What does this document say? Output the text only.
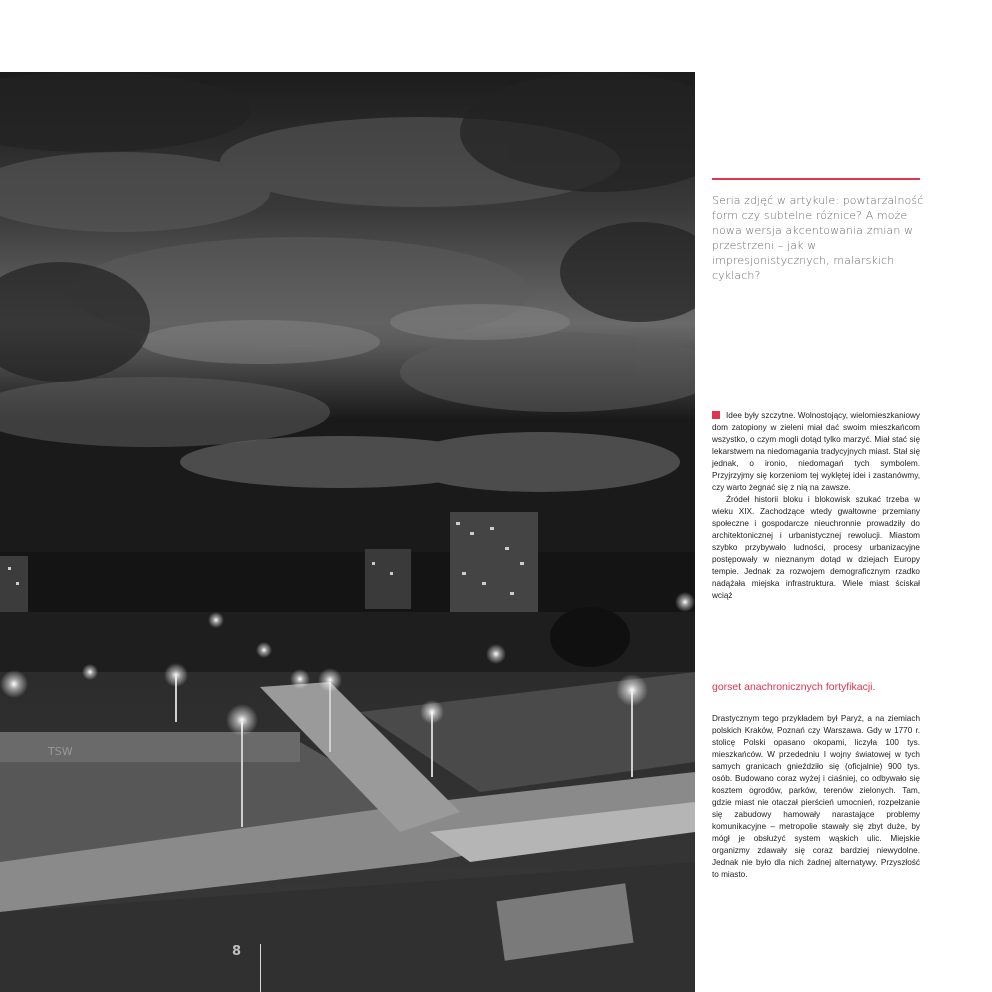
TSW

Seria zdjęć w artykule: powtarzalność form czy subtelne różnice? A może nowa wersja akcentowania zmian w przestrzeni – jak w impresjonistycznych, malarskich cyklach?

Idee były szczytne. Wolnostojący, wielomieszkaniowy dom zatopiony w zieleni miał dać swoim mieszkańcom wszystko, o czym mogli dotąd tylko marzyć. Miał stać się lekarstwem na niedomagania tradycyjnych miast. Stał się jednak, o ironio, niedomagań tych symbolem. Przyjrzyjmy się korzeniom tej wyklętej idei i zastanówmy, czy warto żegnać się z nią na zawsze.

Źródeł historii bloku i blokowisk szukać trzeba w wieku XIX. Zachodzące wtedy gwałtowne przemiany społeczne i gospodarcze nieuchronnie prowadziły do architektonicznej i urbanistycznej rewolucji. Miastom szybko przybywało ludności, procesy urbanizacyjne postępowały w nieznanym dotąd w dziejach Europy tempie. Jednak za rozwojem demograficznym rzadko nadążała miejska infrastruktura. Wiele miast ściskał wciąż

gorset anachronicznych fortyfikacji.

Drastycznym tego przykładem był Paryż, a na ziemiach polskich Kraków, Poznań czy Warszawa. Gdy w 1770 r. stolicę Polski opasano okopami, liczyła 100 tys. mieszkańców. W przededniu I wojny światowej w tych samych granicach gnieździło się (oficjalnie) 900 tys. osób. Budowano coraz wyżej i ciaśniej, co odbywało się kosztem ogrodów, parków, terenów zielonych. Tam, gdzie miast nie otaczał pierścień umocnień, rozpełzanie się zabudowy hamowały narastające problemy komunikacyjne – metropolie stawały się zbyt duże, by mógł je obsłużyć system wąskich ulic. Miejskie organizmy zdawały się coraz bardziej niewydolne. Jednak nie było dla nich żadnej alternatywy. Przyszłość to miasto.

8
